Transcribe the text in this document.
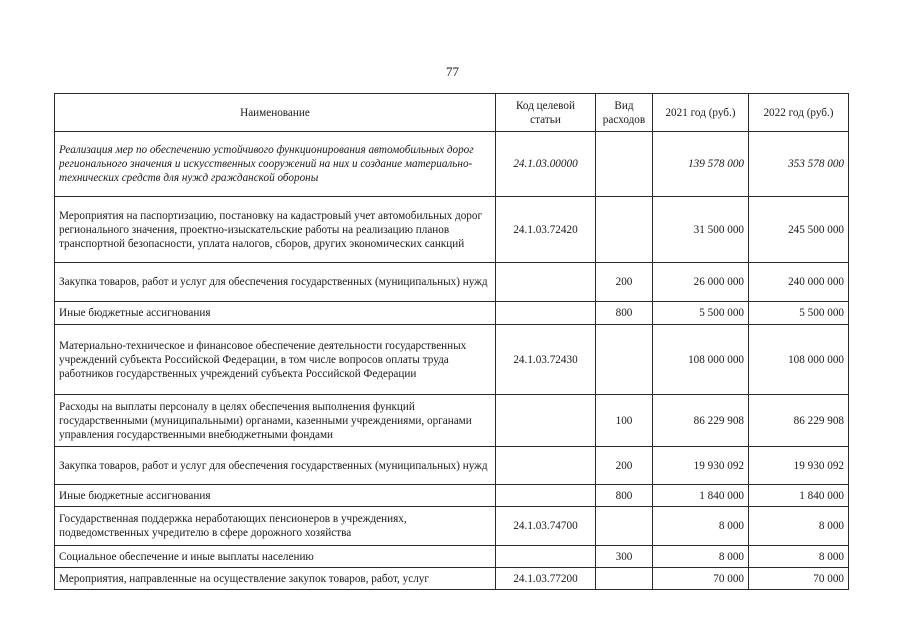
77
Наименование	Код целевой статьи	Вид расходов	2021 год (руб.)	2022 год (руб.)
Реализация мер по обеспечению устойчивого функционирования автомобильных дорог регионального значения и искусственных сооружений на них и создание материально-технических средств для нужд гражданской обороны	24.1.03.00000		139 578 000	353 578 000
Мероприятия на паспортизацию, постановку на кадастровый учет автомобильных дорог регионального значения, проектно-изыскательские работы на реализацию планов транспортной безопасности, уплата налогов, сборов, других экономических санкций	24.1.03.72420		31 500 000	245 500 000
Закупка товаров, работ и услуг для обеспечения государственных (муниципальных) нужд		200	26 000 000	240 000 000
Иные бюджетные ассигнования		800	5 500 000	5 500 000
Материально-техническое и финансовое обеспечение деятельности государственных учреждений субъекта Российской Федерации, в том числе вопросов оплаты труда работников государственных учреждений субъекта Российской Федерации	24.1.03.72430		108 000 000	108 000 000
Расходы на выплаты персоналу в целях обеспечения выполнения функций государственными (муниципальными) органами, казенными учреждениями, органами управления государственными внебюджетными фондами		100	86 229 908	86 229 908
Закупка товаров, работ и услуг для обеспечения государственных (муниципальных) нужд		200	19 930 092	19 930 092
Иные бюджетные ассигнования		800	1 840 000	1 840 000
Государственная поддержка неработающих пенсионеров в учреждениях, подведомственных учредителю в сфере дорожного хозяйства	24.1.03.74700		8 000	8 000
Социальное обеспечение и иные выплаты населению		300	8 000	8 000
Мероприятия, направленные на осуществление закупок товаров, работ, услуг	24.1.03.77200		70 000	70 000
